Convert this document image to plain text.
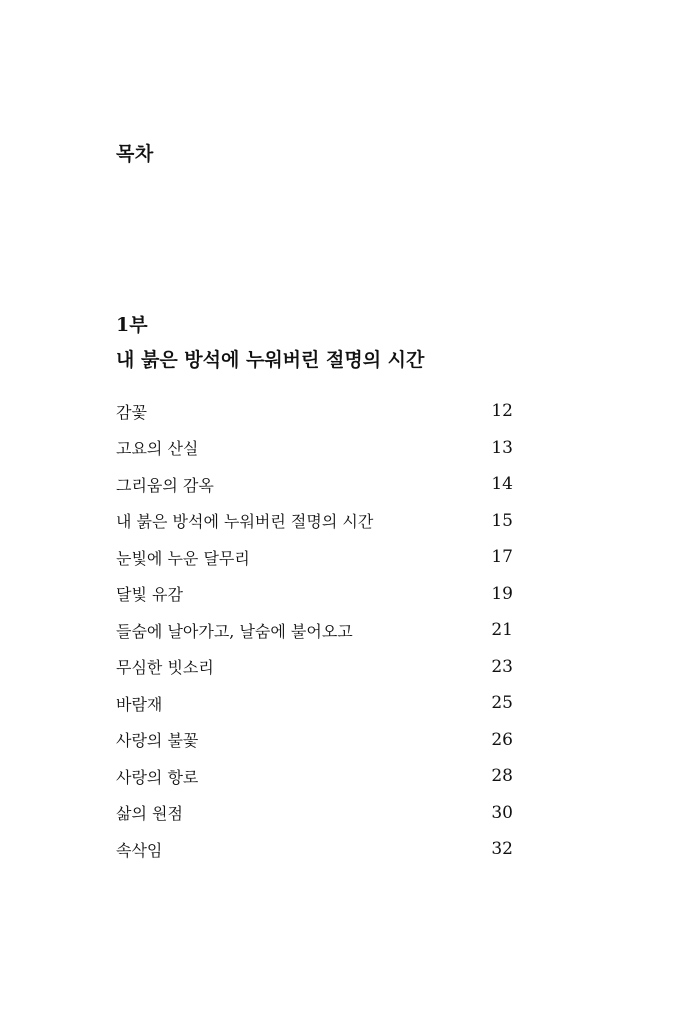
목차
1부
내 붉은 방석에 누워버린 절명의 시간
감꽃	12
고요의 산실	13
그리움의 감옥	14
내 붉은 방석에 누워버린 절명의 시간	15
눈빛에 누운 달무리	17
달빛 유감	19
들숨에 날아가고, 날숨에 불어오고	21
무심한 빗소리	23
바람재	25
사랑의 불꽃	26
사랑의 항로	28
삶의 원점	30
속삭임	32
